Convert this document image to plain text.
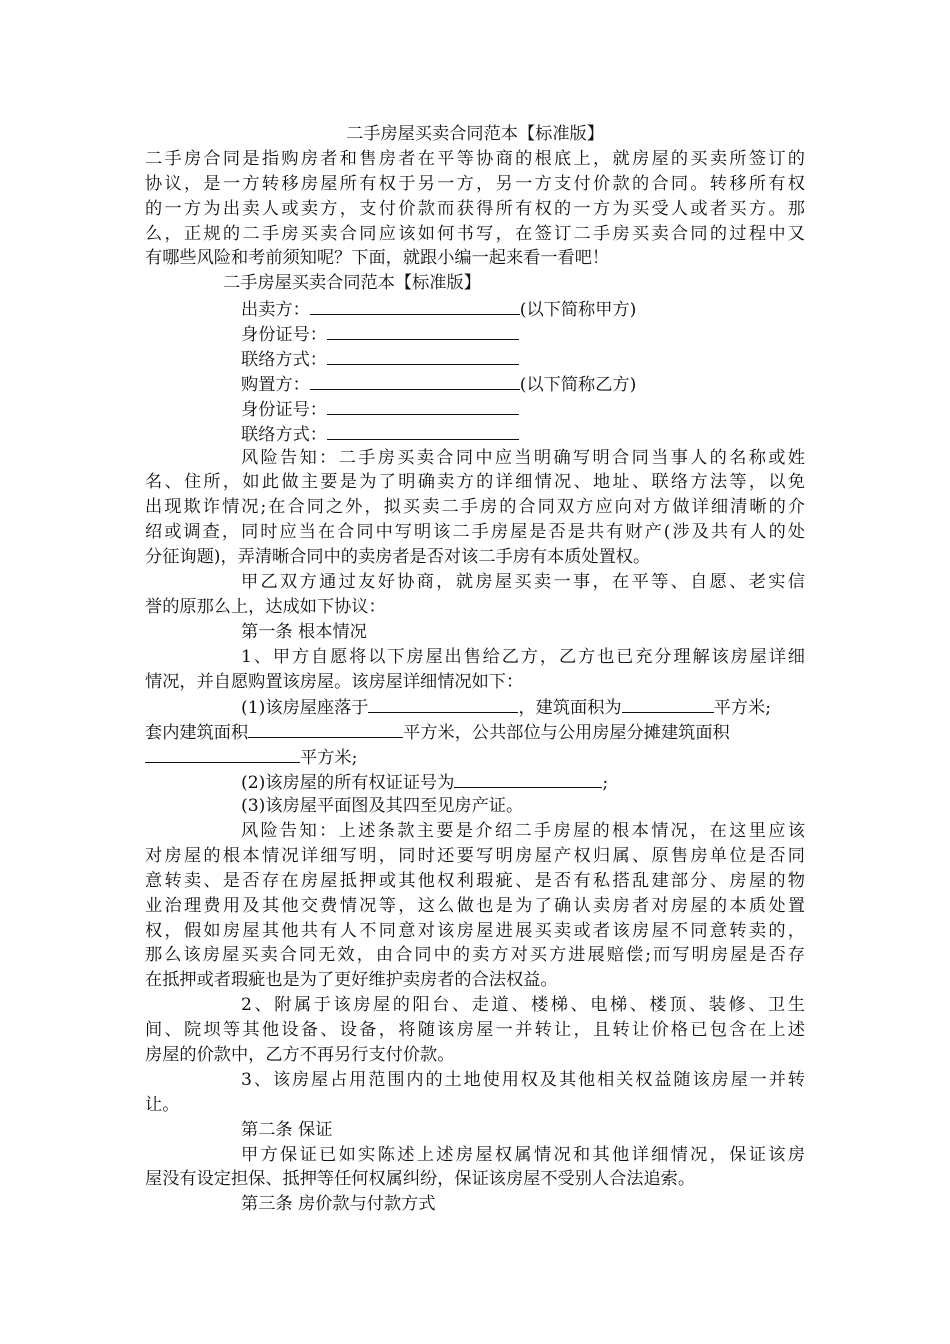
二手房屋买卖合同范本【标准版】
二手房合同是指购房者和售房者在平等协商的根底上，就房屋的买卖所签订的
协议，是一方转移房屋所有权于另一方，另一方支付价款的合同。转移所有权
的一方为出卖人或卖方，支付价款而获得所有权的一方为买受人或者买方。那
么，正规的二手房买卖合同应该如何书写，在签订二手房买卖合同的过程中又
有哪些风险和考前须知呢？下面，就跟小编一起来看一看吧！
二手房屋买卖合同范本【标准版】
出卖方：	(以下简称甲方)
身份证号：
联络方式：
购置方：	(以下简称乙方)
身份证号：
联络方式：
风险告知：二手房买卖合同中应当明确写明合同当事人的名称或姓
名、住所，如此做主要是为了明确卖方的详细情况、地址、联络方法等，以免
出现欺诈情况;在合同之外，拟买卖二手房的合同双方应向对方做详细清晰的介
绍或调查，同时应当在合同中写明该二手房屋是否是共有财产(涉及共有人的处
分征询题)，弄清晰合同中的卖房者是否对该二手房有本质处置权。
甲乙双方通过友好协商，就房屋买卖一事，在平等、自愿、老实信
誉的原那么上，达成如下协议：
第一条 根本情况
1、甲方自愿将以下房屋出售给乙方，乙方也已充分理解该房屋详细
情况，并自愿购置该房屋。该房屋详细情况如下：
(1)该房屋座落于	，建筑面积为	平方米;
套内建筑面积	平方米，公共部位与公用房屋分摊建筑面积
平方米;
(2)该房屋的所有权证证号为	;
(3)该房屋平面图及其四至见房产证。
风险告知：上述条款主要是介绍二手房屋的根本情况，在这里应该
对房屋的根本情况详细写明，同时还要写明房屋产权归属、原售房单位是否同
意转卖、是否存在房屋抵押或其他权利瑕疵、是否有私搭乱建部分、房屋的物
业治理费用及其他交费情况等，这么做也是为了确认卖房者对房屋的本质处置
权，假如房屋其他共有人不同意对该房屋进展买卖或者该房屋不同意转卖的，
那么该房屋买卖合同无效，由合同中的卖方对买方进展赔偿;而写明房屋是否存
在抵押或者瑕疵也是为了更好维护卖房者的合法权益。
2、附属于该房屋的阳台、走道、楼梯、电梯、楼顶、装修、卫生
间、院坝等其他设备、设备，将随该房屋一并转让，且转让价格已包含在上述
房屋的价款中，乙方不再另行支付价款。
3、该房屋占用范围内的土地使用权及其他相关权益随该房屋一并转
让。
第二条 保证
甲方保证已如实陈述上述房屋权属情况和其他详细情况，保证该房
屋没有设定担保、抵押等任何权属纠纷，保证该房屋不受别人合法追索。
第三条 房价款与付款方式
